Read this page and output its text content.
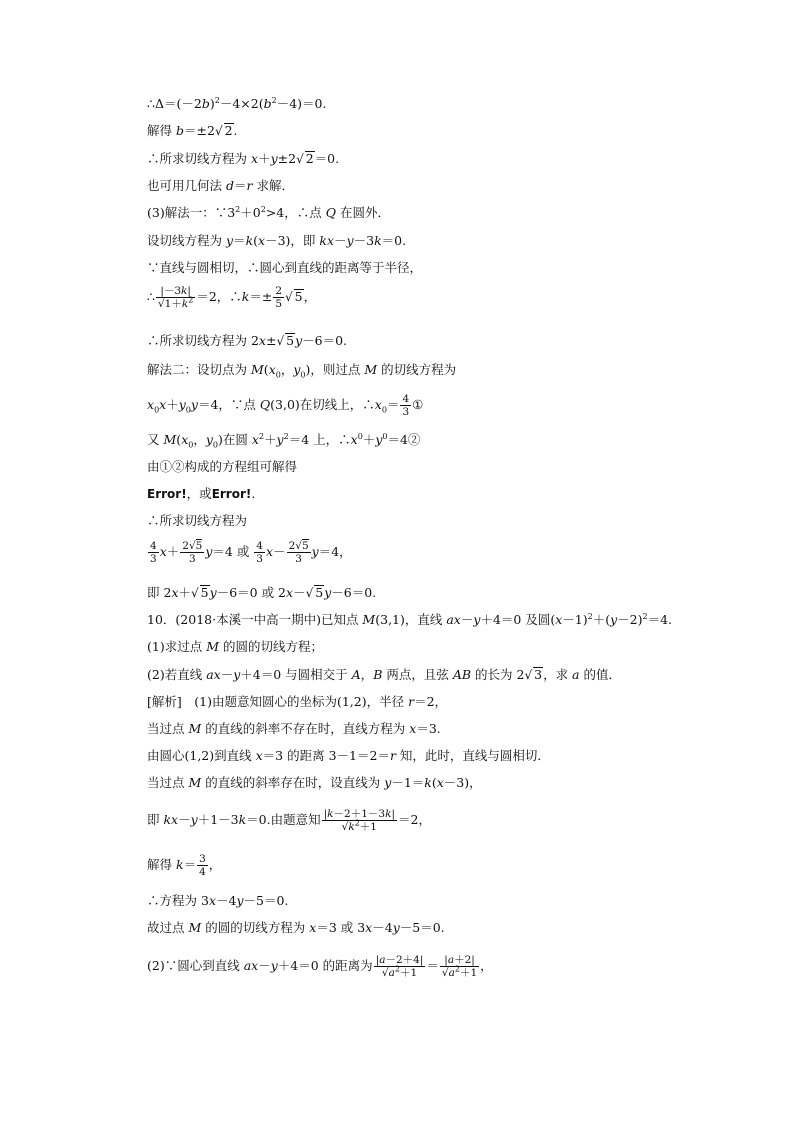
$\therefore\Delta=(-2b)^2-4\times 2(b^2-4)=0$.
解得 b＝±2√ 2.
∴所求切线方程为 x＋y±2√ 2＝0.
也可用几何法 d＝r 求解．
(3)解法一：$\because 3^2+0^2>4$，∴点 Q 在圆外．
设切线方程为 y＝k(x－3)，即 kx－y－3k＝0.
∵直线与圆相切，∴圆心到直线的距离等于半径，
∴ $\frac{|-3k|}{√1+k^2} =2$，∴k＝± $\frac{2}{5}$ √ 5，
∴所求切线方程为 2x±√ 5y－6＝0.
解法二：设切点为 $M(x_0$，$y_0$)，则过点 M 的切线方程为
$x_0x+y_0y=4$，∵点 Q(3,0)在切线上，$\therefore x_0= \frac{4}{3}$ ①
又 $M(x_0$，$y_0$)在圆 $x^2+y^2=4$ 上，$\therefore x^0+y^0=4②$
由①②构成的方程组可解得
Error!，或Error!.
∴所求切线方程为
$\frac{4}{3} x+ \frac{2√5}{3} y=4$ 或 $\frac{4}{3} x- \frac{2√5}{3} y=4$，
即 2x＋√ 5y－6＝0 或 2x－√ 5y－6＝0.
10．(2018·本溪一中高一期中)已知点 M(3,1)，直线 ax－y＋4＝0 及圆$(x-1)^2+(y-2)^2=4$.
(1)求过点 M 的圆的切线方程；
(2)若直线 ax－y＋4＝0 与圆相交于 A，B 两点，且弦 AB 的长为 2√ 3，求 a 的值．
[解析]　(1)由题意知圆心的坐标为(1,2)，半径 r＝2，
当过点 M 的直线的斜率不存在时，直线方程为 x＝3.
由圆心(1,2)到直线 x＝3 的距离 3－1＝2＝r 知，此时，直线与圆相切．
当过点 M 的直线的斜率存在时，设直线为 y－1＝k(x－3)，
即 kx－y＋1－3k＝0.由题意知 $\frac{|k-2+1-3k|}{√k^2+1} =2$，
解得 $k= \frac{3}{4}$ ，
∴方程为 3x－4y－5＝0.
故过点 M 的圆的切线方程为 x＝3 或 3x－4y－5＝0.
(2)∵圆心到直线 ax－y＋4＝0 的距离为 $\frac{|a-2+4|}{√a^2+1} = \frac{|a+2|}{√a^2+1}$ ，
